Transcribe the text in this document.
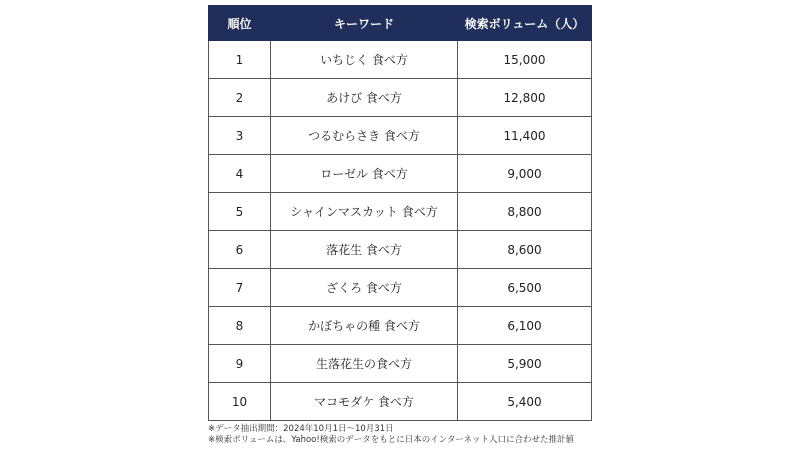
順位	キーワード	検索ボリューム（人）
1	いちじく 食べ方	15,000
2	あけび 食べ方	12,800
3	つるむらさき 食べ方	11,400
4	ローゼル 食べ方	9,000
5	シャインマスカット 食べ方	8,800
6	落花生 食べ方	8,600
7	ざくろ 食べ方	6,500
8	かぼちゃの種 食べ方	6,100
9	生落花生の食べ方	5,900
10	マコモダケ 食べ方	5,400
※データ抽出期間：2024年10月1日～10月31日
※検索ボリュームは、Yahoo!検索のデータをもとに日本のインターネット人口に合わせた推計値
